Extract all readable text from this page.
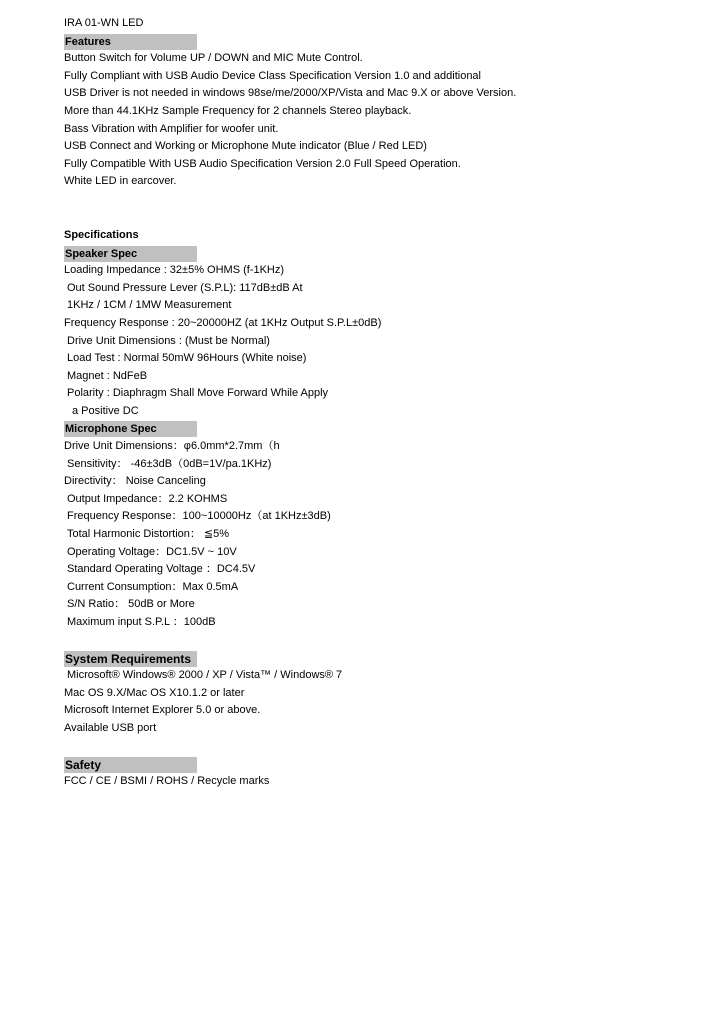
IRA 01-WN LED
Features
Button Switch for Volume UP / DOWN and MIC Mute Control.
Fully Compliant with USB Audio Device Class Specification Version 1.0 and additional
USB Driver is not needed in windows 98se/me/2000/XP/Vista and Mac 9.X or above Version.
More than 44.1KHz Sample Frequency for 2 channels Stereo playback.
Bass Vibration with Amplifier for woofer unit.
USB Connect and Working or Microphone Mute indicator (Blue / Red LED)
Fully Compatible With USB Audio Specification Version 2.0 Full Speed Operation.
White LED in earcover.
Specifications
Speaker Spec
Loading Impedance : 32±5% OHMS (f-1KHz)
Out Sound Pressure Lever (S.P.L): 117dB±dB At
1KHz / 1CM / 1MW Measurement
Frequency Response : 20~20000HZ (at 1KHz Output S.P.L±0dB)
Drive Unit Dimensions : (Must be Normal)
Load Test : Normal 50mW 96Hours (White noise)
Magnet : NdFeB
Polarity : Diaphragm Shall Move Forward While Apply
a Positive DC
Microphone Spec
Drive Unit Dimensions：φ6.0mm*2.7mm（h
Sensitivity： -46±3dB（0dB=1V/pa.1KHz)
Directivity： Noise Canceling
Output Impedance：2.2 KOHMS
Frequency Response：100~10000Hz（at 1KHz±3dB)
Total Harmonic Distortion： ≦5%
Operating Voltage：DC1.5V ~ 10V
Standard Operating Voltage ：DC4.5V
Current Consumption：Max 0.5mA
S/N Ratio： 50dB or More
Maximum input S.P.L ：100dB
System Requirements
Microsoft® Windows® 2000 / XP / Vista™ / Windows® 7
Mac OS 9.X/Mac OS X10.1.2 or later
Microsoft Internet Explorer 5.0 or above.
Available USB port
Safety
FCC / CE / BSMI / ROHS / Recycle marks
